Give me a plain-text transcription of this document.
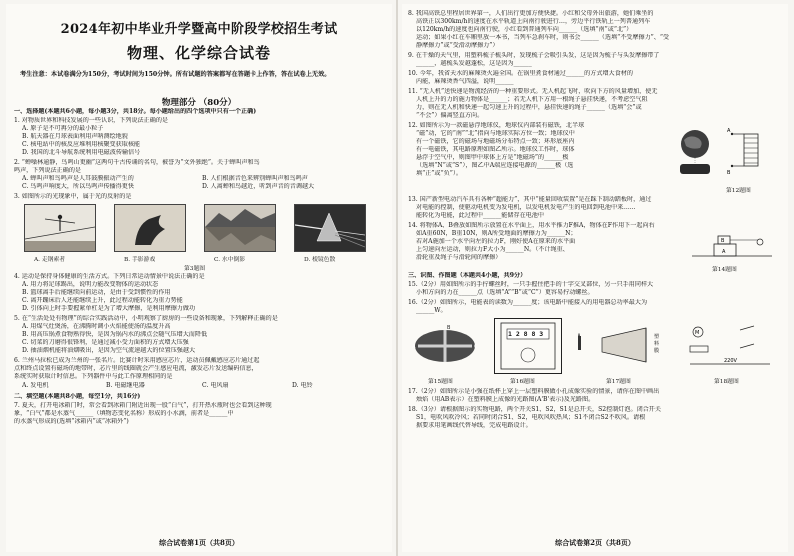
2024年初中毕业升学暨高中阶段学校招生考试
物理、化学综合试卷
考生注意：本试卷满分为150分，考试时间为150分钟。所有试题的答案都写在答题卡上作答，答在试卷上无效。
物理部分 （80分）
一、选择题(本题共6小题，每小题3分，共18分。每小题给出的四个选项中只有一个正确)
1. 对物质世界和科技发展的一些认识，下列说法正确的是
A. 原子是不可再分的最小粒子
B. 航天器在月球表面利用声呐测绘地貌
C. 核电站中的核反应堆利用核聚变获取核能
D. 我国的北斗导航系统利用电磁波传输信号
2. “蝉噪林逾静，鸟鸣山更幽”这两句千古传诵的名句，被誉为“文外独绝”。关于蝉叫声和鸟
鸣声，下列说法正确的是
A. 蝉叫声和鸟鸣声是人耳鼓膜振动产生的	B. 人们根据音色来辨别蝉叫声和鸟鸣声
C. 鸟鸣声响度大，所以鸟鸣声传播得更快	D. 人离蝉和鸟越近，听到声音的音调越大
3. 如图所示的光现象中，属于光的反射的是
A. 走钢索者	B. 手影游戏	C. 水中倒影	D. 棱镜色散
第3题图
4. 运动是保持身体健康的生活方式。下列日常运动情景中说法正确的是
A. 用力将足球踢出，说明力能改变物体的运动状态
B. 篮球离手后能继续向前运动，是由于受到惯性的作用
C. 离开蹦床后人还能继续上升，此过程动能转化为重力势能
D. 引体向上时手要握紧单杠是为了增大摩擦，是利用摩擦力做功
5. 在“生活处处有物理”的综合实践活动中，小明观察了厨房的一些设备和现象，下列解释正确的是
A. 用煤气灶煲汤，在沸腾时调小火焰能使汤的温度升高
B. 用高压锅煮食物熟得快，是因为锅内水的沸点会随气压增大而降低
C. 切菜的刀磨得很锋利，是通过减小受力面积的方式增大压强
D. 抽油烟机能将油烟吸出，是因为空气流速越大的位置压强越大
6. 兰州马拉松已成为兰州的一张名片。比赛计时采用感应芯片，运动员佩戴感应芯片通过起
点和终点设置有磁场的地带时，芯片里的线圈就会产生感应电流，激发芯片发送编码信息，
系统实时获取计时信息。下列器件中与此工作原理相同的是
A. 发电机	B. 电磁继电器	C. 电风扇	D. 电铃
二、填空题(本题共8小题，每空1分，共16分)
7. 夏天，打开电冰箱门时，常会看到冰箱门附近出现一股“白气”，打开热水瓶时也会看到这种现
象，“白气”都是水蒸气______（填物态变化名称）形成的小水滴，前者是______中
的水蒸气形成的(选填“冰箱内”或“冰箱外”)
综合试卷第1页（共8页）
8. 我国高铁总里程居世界第一，人们出行更加方便快捷。小红和父母外出旅游，她们乘坐的
高铁正以300km/h的速度在水平轨道上向南行驶进行…，旁边平行铁轨上一列普通列车
以120km/h的速度也向南行驶，小红看到普通列车向______（选填“南”或“北”）
运动；如果小红在车厢里放一本书，当列车急刹车时，则书会______（选填“不受摩擦力”、“受
静摩擦力”或“受滑动摩擦力”）
9. 在干燥的天气里，用塑料梳子梳头时，发现梳子会吸引头发，这是因为梳子与头发摩擦带了
______，越梳头发越蓬松，这是因为______
10. 今年，我省天水的麻辣烫火遍全国。在锅里煮食材通过______的方式增大食材的
内能，麻辣烫香气四溢，说明______
11. “无人机”送快递是物流经济的一种重要形式。无人机起飞时，吹向下方的风量增加，使无
人机上升的力的施力物体是______；若无人机下方用一根绳子悬挂快递，不考虑空气阻
力，则在无人机和快递一起匀速上升的过程中，悬挂快递的绳子______（选填“会”或
“不会”）偏离竖直方向。
12. 如图所示为一款磁悬浮地球仪，地球仪内部装有磁铁，北半球
“磁”动，它的“南”“北”指向与地球实际方位一致；地球仪中
有一个磁铁，它的磁场与地磁场分布特点一致；环形底座内
有一电磁铁，其电路原理如图乙所示。地球仪工作时，球体
悬浮于空气中，则图甲中球体上方是“地磁场”的______极
（选填“N”或“S”），图乙中A端应连接电源的______极（选
填“正”或“负”）。
A
B
第12题图
13. 国产新型电动汽车具有各种“超能力”，其中“能量回收装置”是在踩下制动踏板时，通过
对电能的控制，使驱动电机变为发电机，以发电机发电产生的电回到电池中来……
能转化为电能，此过程中______能储存在电池中
14. 将物体A、B叠放如图所示放置在水平面上，用水平推力F推A，物体在F作用下一起向右
如A重60N，B重10N，则A所受地面的摩擦力为______N；
若对A施加一个水平向左的拉力F，刚好使A在原来的水平面
上匀速向左运动，则拉力F大小为______N。（不计绳重、
滑轮重及绳子与滑轮间的摩擦）
B
A
第14题图
三、识图、作图题（本题共4小题，共9分）
15.（2分）用如图所示的手拧螺丝时，一只手握住把手的十字交叉部位，另一只手用同样大
小和方向的力在______点（选填“A”“B”或“C”）更容易拧动螺丝。
16.（2分）如图所示，电能表的读数为______度；该电路中能接入的用电器总功率最大为
______W。
A	C
B
1 2 8 8 3	塑
料
膜
M
220V
第15题图	第16题图	第17题图	第18题图
17.（2分）如图所示是小强在纸杯上穿上一层塑料膜做小孔成像实验的情景，请你在图中画出
烛焰（用AB表示）在塑料膜上成像的光路图(A'B'表示)及光路图。
18.（3分）请根据图示的实物电路，两个开关S1、S2，S1是总开关，S2控制灯泡。闭合开关
S1，电吹风吹冷风；若同时闭合S1、S2，电吹风吹热风；S1不闭合S2不吹风。请根
据要求用笔画线代替导线，完成电路设计。
综合试卷第2页（共8页）
